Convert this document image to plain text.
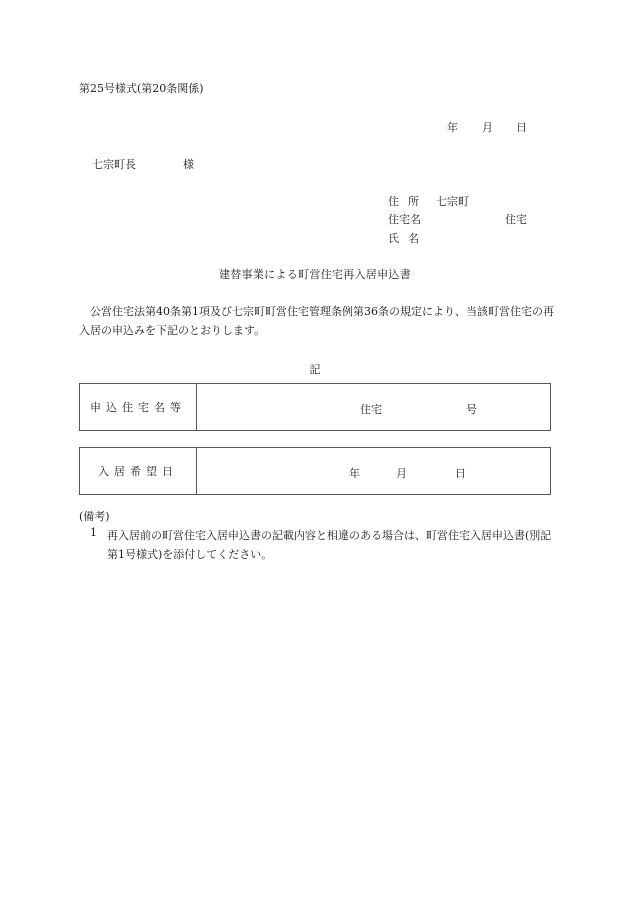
第25号様式(第20条関係)
年 月 日
七宗町長	様
住 所 七宗町
住宅名	住宅
氏 名
建替事業による町営住宅再入居申込書
公営住宅法第40条第1項及び七宗町町営住宅管理条例第36条の規定により、当該町営住宅の再入居の申込みを下記のとおりします。
記
申込住宅名等	住宅	号
入居希望日	年	月	日
(備考)
1 再入居前の町営住宅入居申込書の記載内容と相違のある場合は、町営住宅入居申込書(別記第1号様式)を添付してください。
